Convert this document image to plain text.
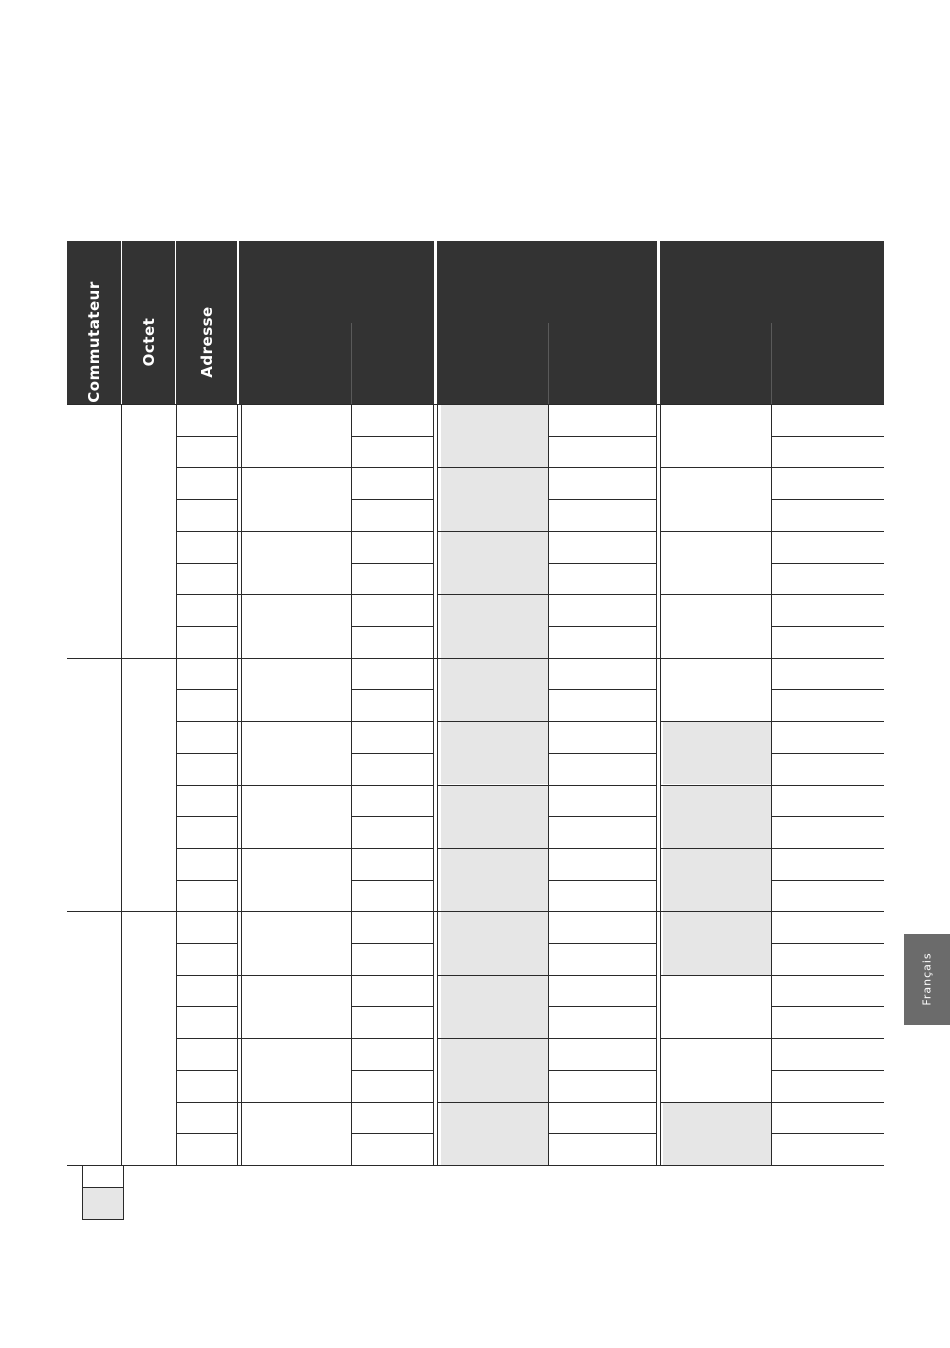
Commutateur Octet	Adresse
Français
